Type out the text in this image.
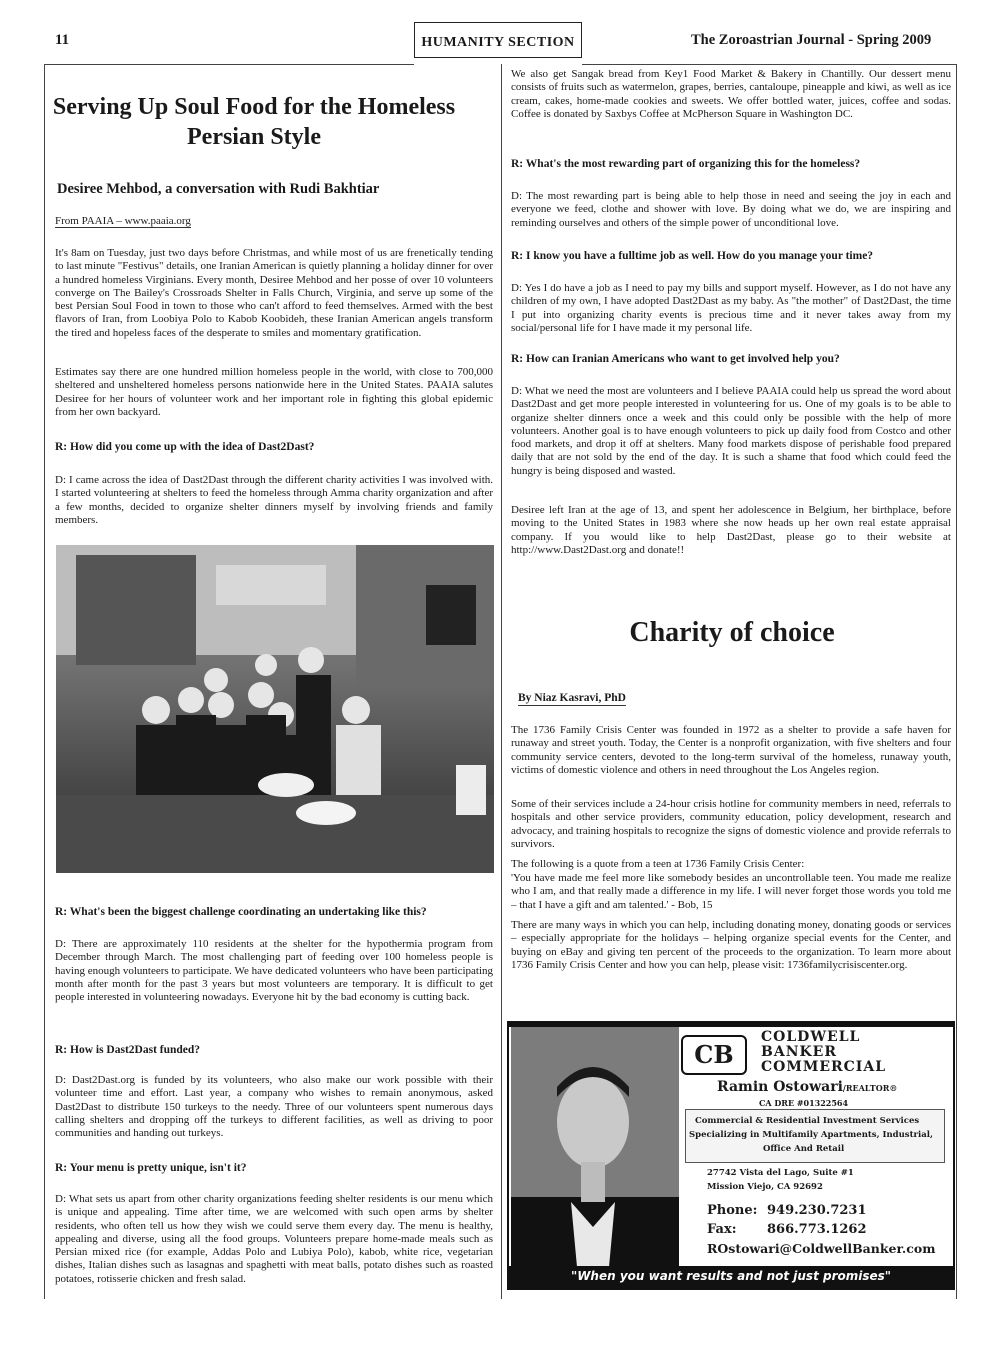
11	HUMANITY SECTION	The Zoroastrian Journal - Spring 2009
Serving Up Soul Food for the Homeless
Persian Style
Desiree Mehbod, a conversation with Rudi Bakhtiar
From PAAIA – www.paaia.org

It's 8am on Tuesday, just two days before Christmas, and while most of us are frenetically tending to last minute "Festivus" details, one Iranian American is quietly planning a holiday dinner for over a hundred homeless Virginians. Every month, Desiree Mehbod and her posse of over 10 volunteers converge on The Bailey's Crossroads Shelter in Falls Church, Virginia, and serve up some of the best Persian Soul Food in town to those who can't afford to feed themselves. Armed with the best flavors of Iran, from Loobiya Polo to Kabob Koobideh, these Iranian American angels transform the tired and hopeless faces of the desperate to smiles and momentary gratification.

Estimates say there are one hundred million homeless people in the world, with close to 700,000 sheltered and unsheltered homeless persons nationwide here in the United States. PAAIA salutes Desiree for her hours of volunteer work and her important role in fighting this global epidemic from her own backyard.

R: How did you come up with the idea of Dast2Dast?

D: I came across the idea of Dast2Dast through the different charity activities I was involved with. I started volunteering at shelters to feed the homeless through Amma charity organization and after a few months, decided to organize shelter dinners myself by involving friends and family members.

R: What's been the biggest challenge coordinating an undertaking like this?

D: There are approximately 110 residents at the shelter for the hypothermia program from December through March. The most challenging part of feeding over 100 homeless people is having enough volunteers to participate. We have dedicated volunteers who have been participating month after month for the past 3 years but most volunteers are temporary. It is difficult to get people interested in volunteering nowadays. Everyone hit by the bad economy is cutting back.

R: How is Dast2Dast funded?

D: Dast2Dast.org is funded by its volunteers, who also make our work possible with their volunteer time and effort. Last year, a company who wishes to remain anonymous, asked Dast2Dast to distribute 150 turkeys to the needy. Three of our volunteers spent numerous days calling shelters and dropping off the turkeys to different facilities, as well as driving to poor communities and handing out turkeys.

R: Your menu is pretty unique, isn't it?

D: What sets us apart from other charity organizations feeding shelter residents is our menu which is unique and appealing. Time after time, we are welcomed with such open arms by shelter residents, who often tell us how they wish we could serve them every day. The menu is healthy, appealing and diverse, using all the food groups. Volunteers prepare home-made meals such as Persian mixed rice (for example, Addas Polo and Lubiya Polo), kabob, white rice, vegetarian dishes, Italian dishes such as lasagnas and spaghetti with meat balls, potato dishes such as roasted potatoes, rotisserie chicken and fresh salad.

We also get Sangak bread from Key1 Food Market & Bakery in Chantilly. Our dessert menu consists of fruits such as watermelon, grapes, berries, cantaloupe, pineapple and kiwi, as well as ice cream, cakes, home-made cookies and sweets. We offer bottled water, juices, coffee and sodas. Coffee is donated by Saxbys Coffee at McPherson Square in Washington DC.

R: What's the most rewarding part of organizing this for the homeless?

D: The most rewarding part is being able to help those in need and seeing the joy in each and everyone we feed, clothe and shower with love. By doing what we do, we are inspiring and reminding ourselves and others of the simple power of unconditional love.

R: I know you have a fulltime job as well. How do you manage your time?

D: Yes I do have a job as I need to pay my bills and support myself. However, as I do not have any children of my own, I have adopted Dast2Dast as my baby. As "the mother" of Dast2Dast, the time I put into organizing charity events is precious time and it never takes away from my social/personal life for I have made it my personal life.

R: How can Iranian Americans who want to get involved help you?

D: What we need the most are volunteers and I believe PAAIA could help us spread the word about Dast2Dast and get more people interested in volunteering for us. One of my goals is to be able to organize shelter dinners once a week and this could only be possible with the help of more volunteers. Another goal is to have enough volunteers to pick up daily food from Costco and other food markets, and drop it off at shelters. Many food markets dispose of perishable food prepared daily that are not sold by the end of the day. It is such a shame that food which could feed the hungry is being disposed and wasted.

Desiree left Iran at the age of 13, and spent her adolescence in Belgium, her birthplace, before moving to the United States in 1983 where she now heads up her own real estate appraisal company. If you would like to help Dast2Dast, please go to their website at http://www.Dast2Dast.org and donate!!

Charity of choice
By Niaz Kasravi, PhD

The 1736 Family Crisis Center was founded in 1972 as a shelter to provide a safe haven for runaway and street youth. Today, the Center is a nonprofit organization, with five shelters and four community service centers, devoted to the long-term survival of the homeless, runaway youth, victims of domestic violence and others in need throughout the Los Angeles region.

Some of their services include a 24-hour crisis hotline for community members in need, referrals to hospitals and other service providers, community education, policy development, research and advocacy, and training hospitals to recognize the signs of domestic violence and provide referrals to survivors.

The following is a quote from a teen at 1736 Family Crisis Center:

'You have made me feel more like somebody besides an uncontrollable teen. You made me realize who I am, and that really made a difference in my life. I will never forget those words you told me – that I have a gift and am talented.' - Bob, 15

There are many ways in which you can help, including donating money, donating goods or services – especially appropriate for the holidays – helping organize special events for the Center, and buying on eBay and giving ten percent of the proceeds to the organization. To learn more about 1736 Family Crisis Center and how you can help, please visit: 1736familycrisiscenter.org.

CB
COLDWELL
BANKER
COMMERCIAL
Ramin Ostowari/REALTOR®
CA DRE #01322564
Commercial & Residential Investment Services
Specializing in Multifamily Apartments, Industrial,
Office And Retail
27742 Vista del Lago, Suite #1
Mission Viejo, CA 92692
Phone: 949.230.7231
Fax: 866.773.1262
ROstowari@ColdwellBanker.com
"When you want results and not just promises"
